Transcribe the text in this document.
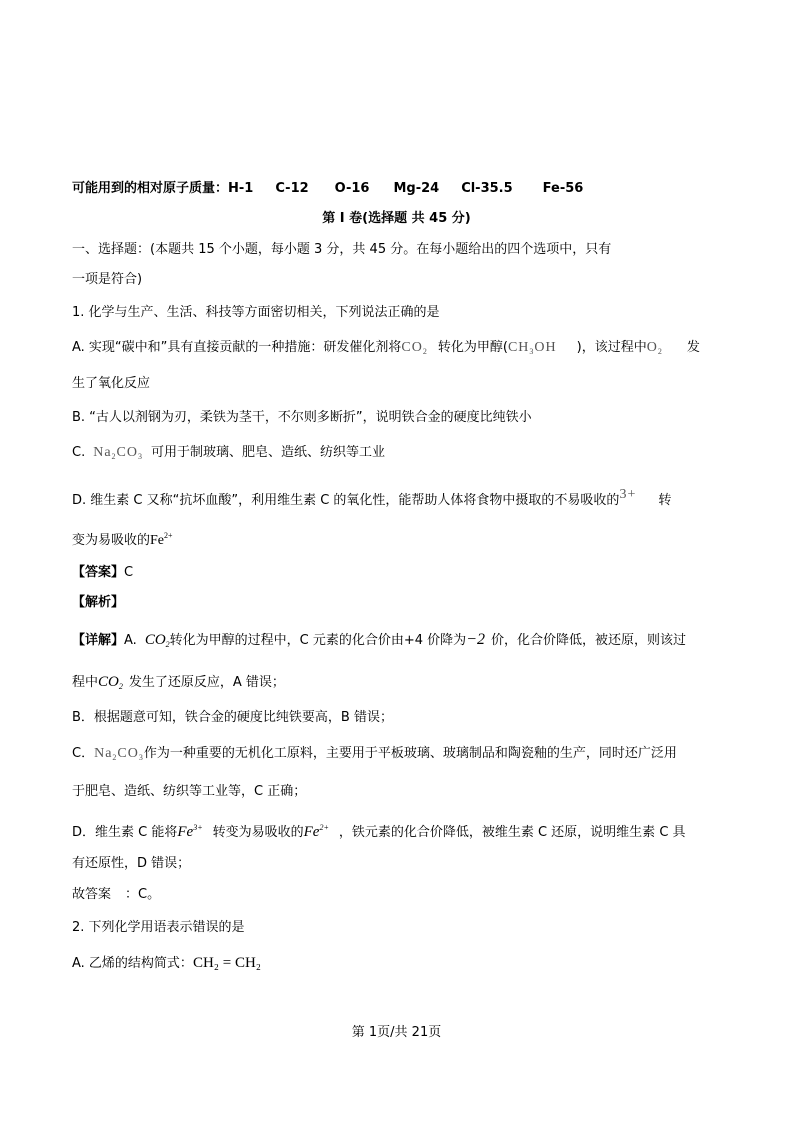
可能用到的相对原子质量：H-1 C-12 O-16 Mg-24 Cl-35.5 Fe-56
第 I 卷(选择题 共 45 分)
一、选择题：(本题共 15 个小题，每小题 3 分，共 45 分。在每小题给出的四个选项中，只有
一项是符合)
1. 化学与生产、生活、科技等方面密切相关，下列说法正确的是
A. 实现“碳中和”具有直接贡献的一种措施：研发催化剂将$CO_2$ 转化为甲醇($CH_3OH$ )，该过程中$O_2$ 发
生了氧化反应
B. “古人以剂钢为刃，柔铁为茎干，不尔则多断折”，说明铁合金的硬度比纯铁小
C. $Na_2CO_3$ 可用于制玻璃、肥皂、造纸、纺织等工业
D. 维生素 C 又称“抗坏血酸”，利用维生素 C 的氧化性，能帮助人体将食物中摄取的不易吸收的$^{3+}$ 转
变为易吸收的$Fe^{2+}$
【答案】C
【解析】
【详解】A. $CO_2$转化为甲醇的过程中，C 元素的化合价由+4 价降为−2 价，化合价降低，被还原，则该过
程中$CO_2$ 发生了还原反应，A 错误；
B．根据题意可知，铁合金的硬度比纯铁要高，B 错误；
C．$Na_2CO_3$作为一种重要的无机化工原料，主要用于平板玻璃、玻璃制品和陶瓷釉的生产，同时还广泛用
于肥皂、造纸、纺织等工业等，C 正确；
D．维生素 C 能将$Fe^{3+}$ 转变为易吸收的$Fe^{2+}$ ，铁元素的化合价降低，被维生素 C 还原，说明维生素 C 具
有还原性，D 错误；
故答案 ：C。
2. 下列化学用语表示错误的是
A. 乙烯的结构简式：CH₂ = CH₂
第 1页/共 21页
